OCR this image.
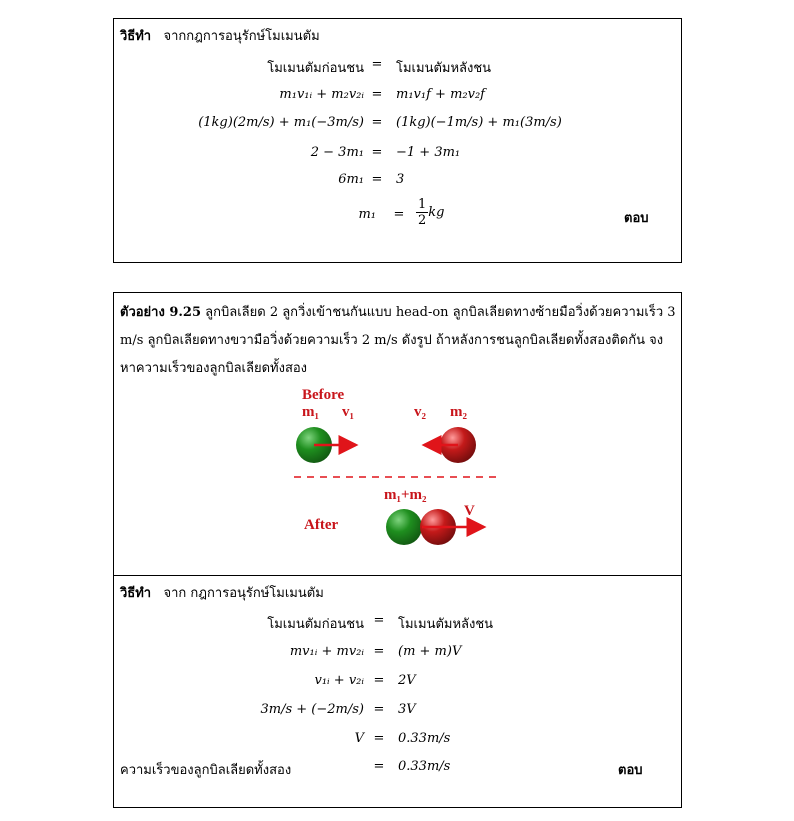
วิธีทำ จากกฎการอนุรักษ์โมเมนตัม
โมเมนตัมก่อนชน =	โมเมนตัมหลังชน
m₁v₁ᵢ + m₂v₂ᵢ =	m₁v₁f + m₂v₂f
(1kg)(2m/s) + m₁(−3m/s) =	(1kg)(−1m/s) + m₁(3m/s)
2 − 3m₁ =	−1 + 3m₁
6m₁ =	3
m₁	= $\frac{1}{2}$ kg	ตอบ
ตัวอย่าง 9.25 ลูกบิลเลียด 2 ลูกวิ่งเข้าชนกันแบบ head-on ลูกบิลเลียดทางซ้ายมือวิ่งด้วยความเร็ว 3 m/s ลูกบิลเลียดทางขวามือวิ่งด้วยความเร็ว 2 m/s ดังรูป ถ้าหลังการชนลูกบิลเลียดทั้งสองติดกัน จงหาความเร็วของลูกบิลเลียดทั้งสอง
Before
m₁ v₁	v₂ m₂
m₁+m₂
V
After
วิธีทำ จาก กฎการอนุรักษ์โมเมนตัม
โมเมนตัมก่อนชน =	โมเมนตัมหลังชน
mv₁ᵢ + mv₂ᵢ =	(m + m)V
v₁ᵢ + v₂ᵢ =	2V
3m/s + (−2m/s) =	3V
V =	0.33m/s
ความเร็วของลูกบิลเลียดทั้งสอง	=	0.33m/s	ตอบ
